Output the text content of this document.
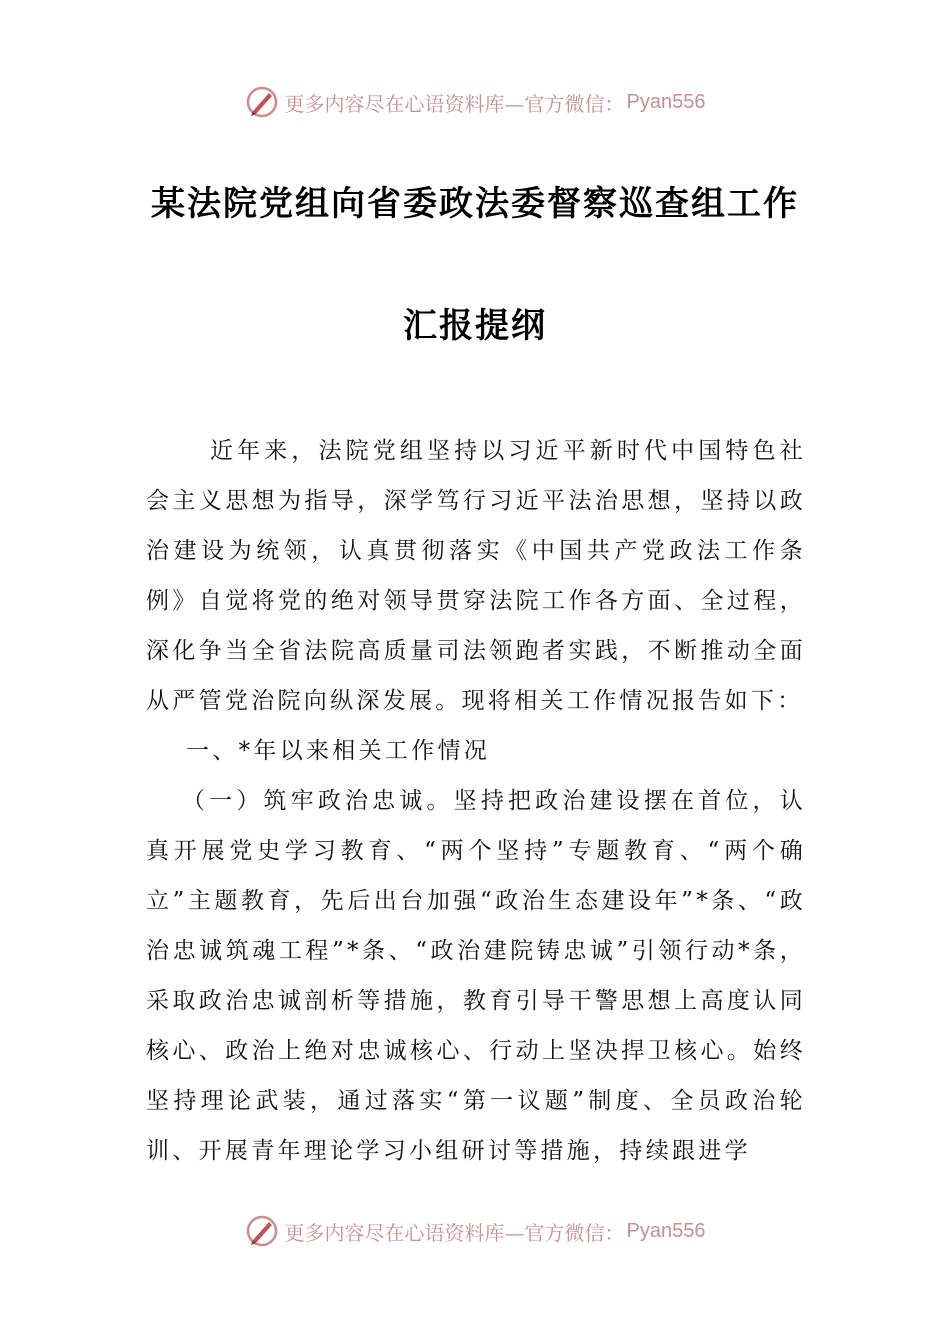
更多内容尽在心语资料库—官方微信： Pyan556
某法院党组向省委政法委督察巡查组工作
汇报提纲

近年来，法院党组坚持以习近平新时代中国特色社会主义思想为指导，深学笃行习近平法治思想，坚持以政治建设为统领，认真贯彻落实《中国共产党政法工作条例》自觉将党的绝对领导贯穿法院工作各方面、全过程，深化争当全省法院高质量司法领跑者实践，不断推动全面从严管党治院向纵深发展。现将相关工作情况报告如下：

一、*年以来相关工作情况

（一）筑牢政治忠诚。坚持把政治建设摆在首位，认真开展党史学习教育、“两个坚持”专题教育、“两个确立”主题教育，先后出台加强“政治生态建设年”*条、“政治忠诚筑魂工程”*条、“政治建院铸忠诚”引领行动*条，采取政治忠诚剖析等措施，教育引导干警思想上高度认同核心、政治上绝对忠诚核心、行动上坚决捍卫核心。始终坚持理论武装，通过落实“第一议题”制度、全员政治轮训、开展青年理论学习小组研讨等措施，持续跟进学

更多内容尽在心语资料库—官方微信： Pyan556
